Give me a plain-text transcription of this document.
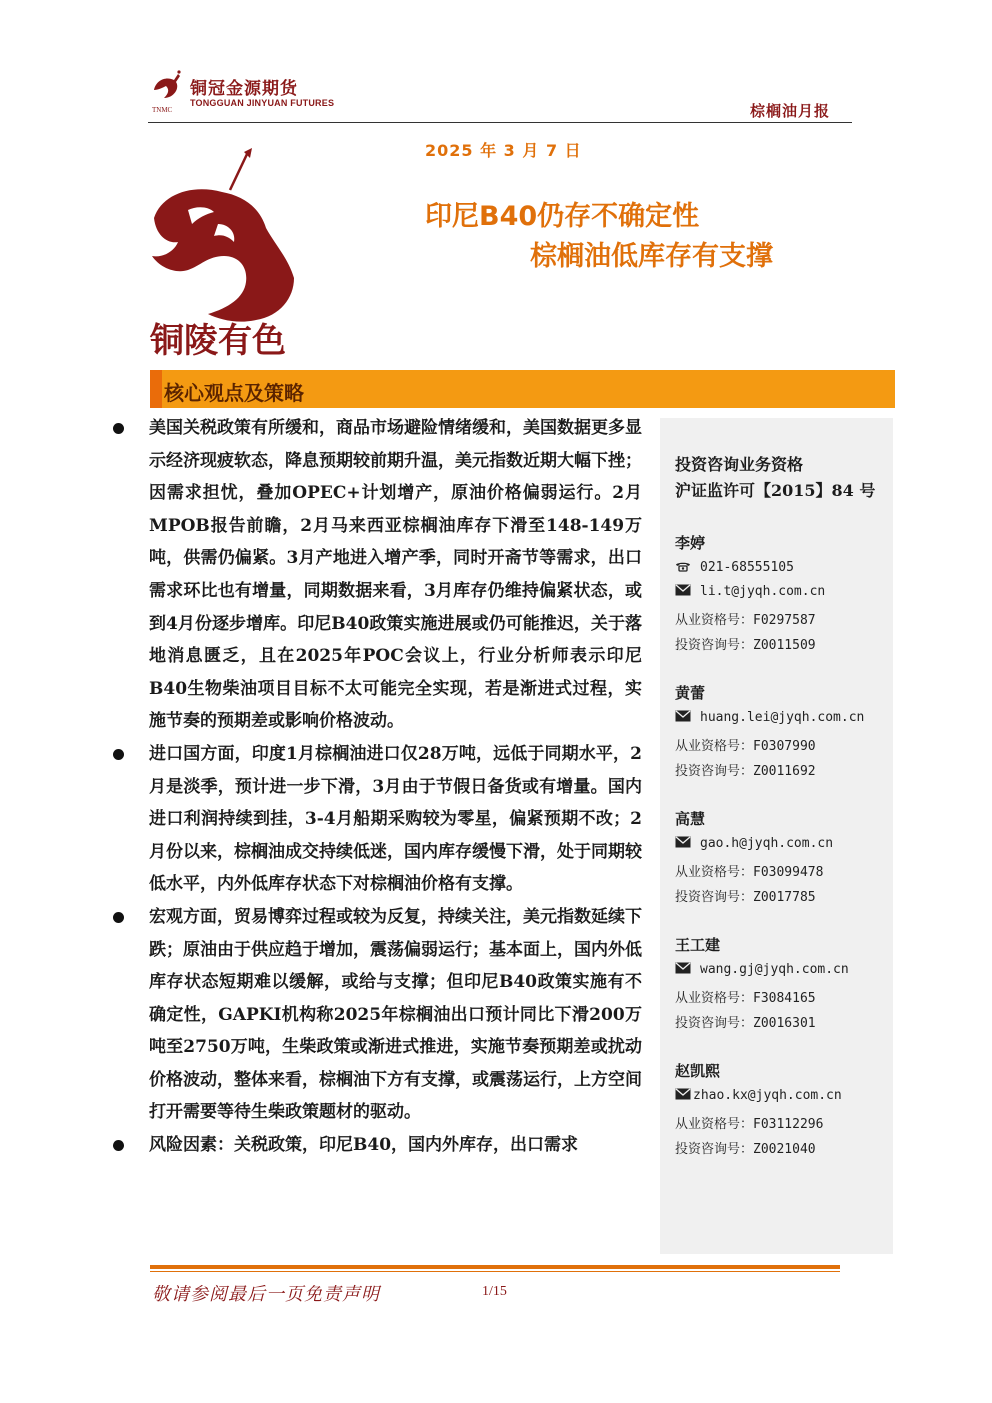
铜冠金源期货
TONGGUAN JINYUAN FUTURES
TNMC	棕榈油月报
2025 年 3 月 7 日
铜陵有色
印尼B40仍存不确定性
棕榈油低库存有支撑
核心观点及策略
美国关税政策有所缓和，商品市场避险情绪缓和，美国数据更多显示经济现疲软态，降息预期较前期升温，美元指数近期大幅下挫；因需求担忧，叠加OPEC+计划增产，原油价格偏弱运行。2月MPOB报告前瞻，2月马来西亚棕榈油库存下滑至148-149万吨，供需仍偏紧。3月产地进入增产季，同时开斋节等需求，出口需求环比也有增量，同期数据来看，3月库存仍维持偏紧状态，或到4月份逐步增库。印尼B40政策实施进展或仍可能推迟，关于落地消息匮乏，且在2025年POC会议上，行业分析师表示印尼B40生物柴油项目目标不太可能完全实现，若是渐进式过程，实施节奏的预期差或影响价格波动。
进口国方面，印度1月棕榈油进口仅28万吨，远低于同期水平，2月是淡季，预计进一步下滑，3月由于节假日备货或有增量。国内进口利润持续到挂，3-4月船期采购较为零星，偏紧预期不改；2月份以来，棕榈油成交持续低迷，国内库存缓慢下滑，处于同期较低水平，内外低库存状态下对棕榈油价格有支撑。
宏观方面，贸易博弈过程或较为反复，持续关注，美元指数延续下跌；原油由于供应趋于增加，震荡偏弱运行；基本面上，国内外低库存状态短期难以缓解，或给与支撑；但印尼B40政策实施有不确定性，GAPKI机构称2025年棕榈油出口预计同比下滑200万吨至2750万吨，生柴政策或渐进式推进，实施节奏预期差或扰动价格波动，整体来看，棕榈油下方有支撑，或震荡运行，上方空间打开需要等待生柴政策题材的驱动。
风险因素：关税政策，印尼B40，国内外库存，出口需求
投资咨询业务资格
沪证监许可【2015】84 号
李婷
021-68555105
li.t@jyqh.com.cn
从业资格号：F0297587
投资咨询号：Z0011509
黄蕾
huang.lei@jyqh.com.cn
从业资格号：F0307990
投资咨询号：Z0011692
高慧
gao.h@jyqh.com.cn
从业资格号：F03099478
投资咨询号：Z0017785
王工建
wang.gj@jyqh.com.cn
从业资格号：F3084165
投资咨询号：Z0016301
赵凯熙
zhao.kx@jyqh.com.cn
从业资格号：F03112296
投资咨询号：Z0021040
敬请参阅最后一页免责声明	1/15
